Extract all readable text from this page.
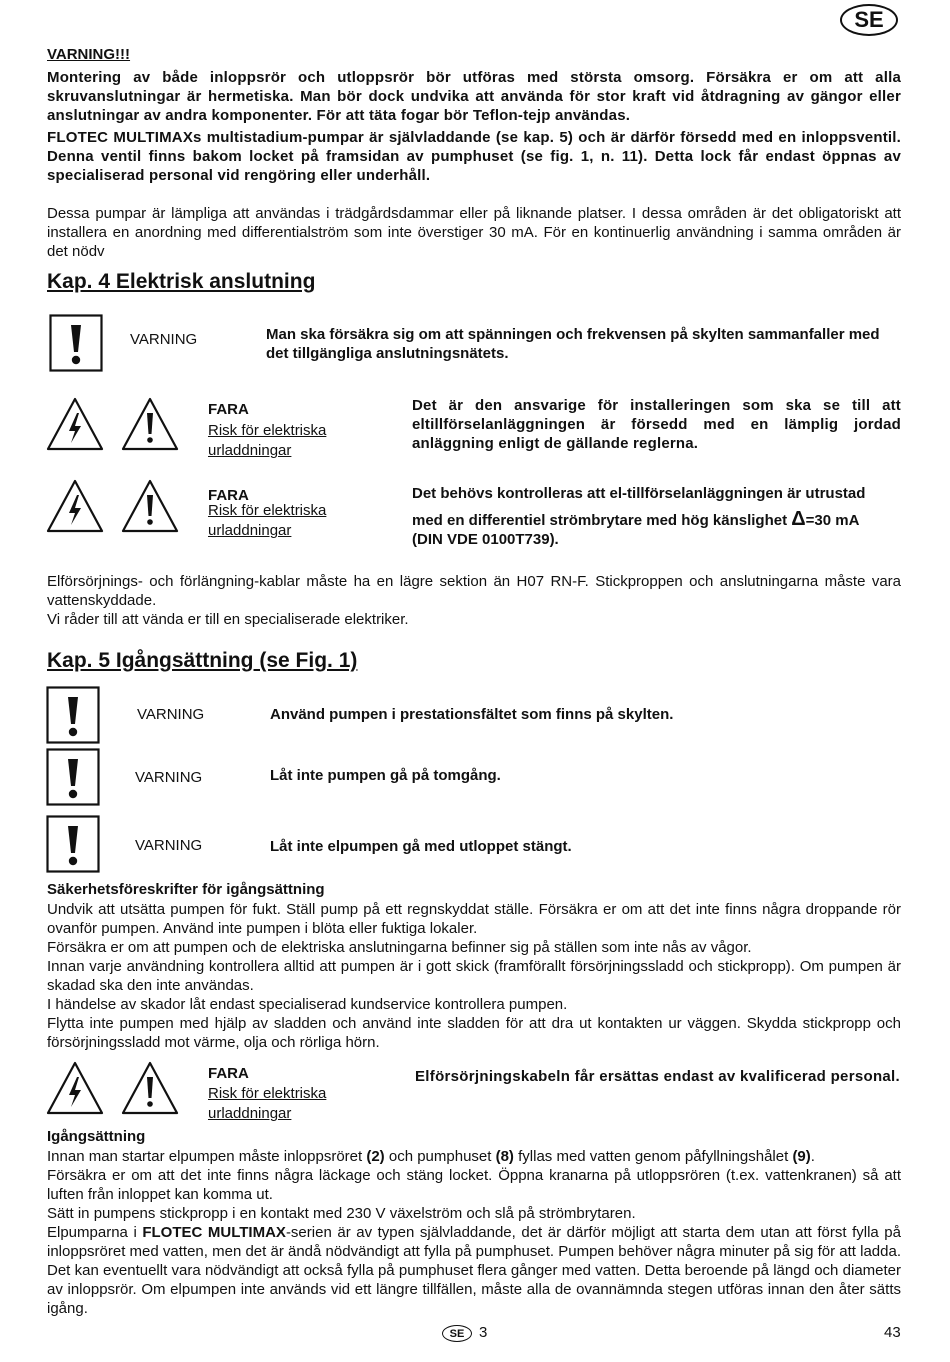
SE
VARNING!!!

Montering av både inloppsrör och utloppsrör bör utföras med största omsorg. Försäkra er om att alla skruvanslutningar är hermetiska. Man bör dock undvika att använda för stor kraft vid åtdragning av gängor eller anslutningar av andra komponenter. För att täta fogar bör Teflon-tejp användas.

FLOTEC MULTIMAXs multistadium-pumpar är självladdande (se kap. 5) och är därför försedd med en inloppsventil. Denna ventil finns bakom locket på framsidan av pumphuset (se fig. 1, n. 11). Detta lock får endast öppnas av specialiserad personal vid rengöring eller underhåll.

Dessa pumpar är lämpliga att användas i trädgårdsdammar eller på liknande platser. I dessa områden är det obligatoriskt att installera en anordning med differentialström som inte överstiger 30 mA. För en kontinuerlig användning i samma områden är det nödv

Kap. 4 Elektrisk anslutning
VARNING	Man ska försäkra sig om att spänningen och frekvensen på skylten sammanfaller med det tillgängliga anslutningsnätets.

FARA
Risk för elektriska
urladdningar

Det är den ansvarige för installeringen som ska se till att eltillförselanläggningen är försedd med en lämplig jordad anläggning enligt de gällande reglerna.

FARA
Risk för elektriska
urladdningar
Det behövs kontrolleras att el-tillförselanläggningen är utrustad
med en differentiel strömbrytare med hög känslighet Δ=30 mA
(DIN VDE 0100T739).

Elförsörjnings- och förlängning-kablar måste ha en lägre sektion än H07 RN-F. Stickproppen och anslutningarna måste vara vattenskyddade.

Vi råder till att vända er till en specialiserade elektriker.

Kap. 5 Igångsättning (se Fig. 1)
VARNING	Använd pumpen i prestationsfältet som finns på skylten.
VARNING	Låt inte pumpen gå på tomgång.
VARNING	Låt inte elpumpen gå med utloppet stängt.
Säkerhetsföreskrifter för igångsättning

Undvik att utsätta pumpen för fukt. Ställ pump på ett regnskyddat ställe. Försäkra er om att det inte finns några droppande rör ovanför pumpen. Använd inte pumpen i blöta eller fuktiga lokaler.

Försäkra er om att pumpen och de elektriska anslutningarna befinner sig på ställen som inte nås av vågor.

Innan varje användning kontrollera alltid att pumpen är i gott skick (framförallt försörjningssladd och stickpropp). Om pumpen är skadad ska den inte användas.

I händelse av skador låt endast specialiserad kundservice kontrollera pumpen.

Flytta inte pumpen med hjälp av sladden och använd inte sladden för att dra ut kontakten ur väggen. Skydda stickpropp och försörjningssladd mot värme, olja och rörliga hörn.

FARA
Risk för elektriska
urladdningar

Elförsörjningskabeln får ersättas endast av kvalificerad personal.

Igångsättning

Innan man startar elpumpen måste inloppsröret (2) och pumphuset (8) fyllas med vatten genom påfyllningshålet (9).

Försäkra er om att det inte finns några läckage och stäng locket. Öppna kranarna på utloppsrören (t.ex. vattenkranen) så att luften från inloppet kan komma ut.

Sätt in pumpens stickpropp i en kontakt med 230 V växelström och slå på strömbrytaren.

Elpumparna i FLOTEC MULTIMAX-serien är av typen självladdande, det är därför möjligt att starta dem utan att först fylla på inloppsröret med vatten, men det är ändå nödvändigt att fylla på pumphuset. Pumpen behöver några minuter på sig för att ladda. Det kan eventuellt vara nödvändigt att också fylla på pumphuset flera gånger med vatten. Detta beroende på längd och diameter av inloppsrör. Om elpumpen inte används vid ett längre tillfällen, måste alla de ovannämnda stegen utföras innan den åter sätts igång.

SE 3	43
